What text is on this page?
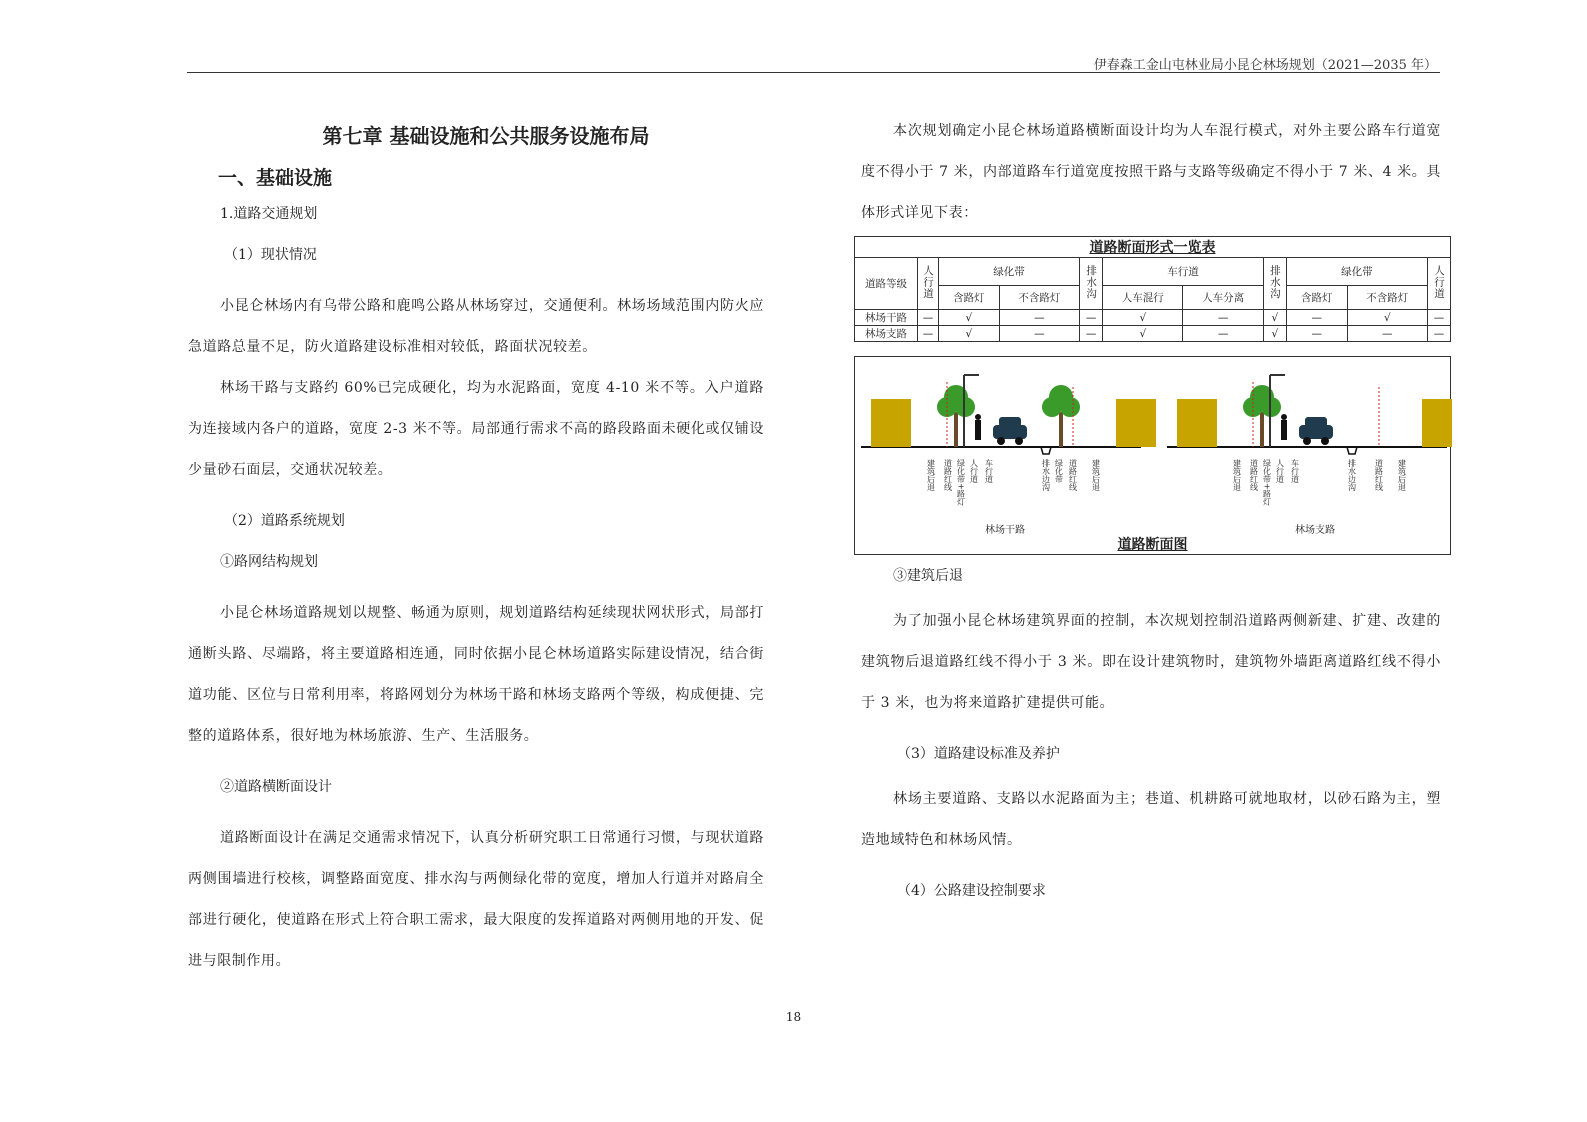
伊春森工金山屯林业局小昆仑林场规划（2021—2035 年）
第七章 基础设施和公共服务设施布局
一、基础设施

1.道路交通规划

（1）现状情况

小昆仑林场内有乌带公路和鹿鸣公路从林场穿过，交通便利。林场场域范围内防火应急道路总量不足，防火道路建设标准相对较低，路面状况较差。

林场干路与支路约 60%已完成硬化，均为水泥路面，宽度 4-10 米不等。入户道路为连接域内各户的道路，宽度 2-3 米不等。局部通行需求不高的路段路面未硬化或仅铺设少量砂石面层，交通状况较差。

（2）道路系统规划

①路网结构规划

小昆仑林场道路规划以规整、畅通为原则，规划道路结构延续现状网状形式，局部打通断头路、尽端路，将主要道路相连通，同时依据小昆仑林场道路实际建设情况，结合街道功能、区位与日常利用率，将路网划分为林场干路和林场支路两个等级，构成便捷、完整的道路体系，很好地为林场旅游、生产、生活服务。

②道路横断面设计

道路断面设计在满足交通需求情况下，认真分析研究职工日常通行习惯，与现状道路两侧围墙进行校核，调整路面宽度、排水沟与两侧绿化带的宽度，增加人行道并对路肩全部进行硬化，使道路在形式上符合职工需求，最大限度的发挥道路对两侧用地的开发、促进与限制作用。

本次规划确定小昆仑林场道路横断面设计均为人车混行模式，对外主要公路车行道宽度不得小于 7 米，内部道路车行道宽度按照干路与支路等级确定不得小于 7 米、4 米。具体形式详见下表：

道路断面形式一览表										
道路等级	人行道	绿化带		排水沟	车行道		排水沟	绿化带		人行道
		含路灯	不含路灯		人车混行	人车分离		含路灯	不含路灯	
林场干路	—	√	—	—	√	—	√	—	√	—
林场支路	—	√	—	—	√	—	√	—	—	—
建筑后退 道路红线 绿化带+路灯 人行道 车行道	排水边沟 绿化带 道路红线 建筑后退	建筑后退 道路红线 绿化带+路灯 人行道 车行道	排水边沟 道路红线 建筑后退
林场干路	林场支路
道路断面图

③建筑后退

为了加强小昆仑林场建筑界面的控制，本次规划控制沿道路两侧新建、扩建、改建的建筑物后退道路红线不得小于 3 米。即在设计建筑物时，建筑物外墙距离道路红线不得小于 3 米，也为将来道路扩建提供可能。

（3）道路建设标准及养护

林场主要道路、支路以水泥路面为主；巷道、机耕路可就地取材，以砂石路为主，塑造地域特色和林场风情。

（4）公路建设控制要求

18
